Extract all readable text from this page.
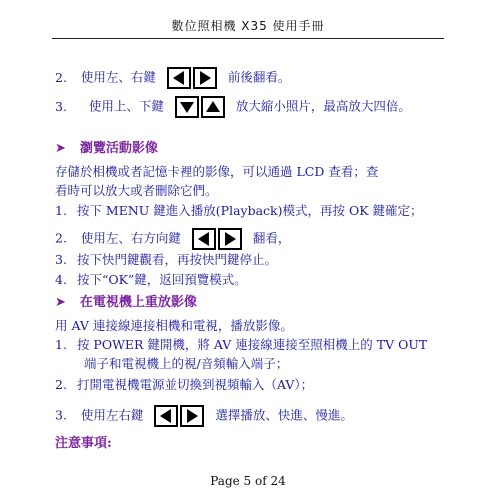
數位照相機 X35 使用手冊
2. 使用左、右鍵	前後翻看。
3. 使用上、下鍵	放大縮小照片，最高放大四倍。
➤ 瀏覽活動影像
存儲於相機或者記憶卡裡的影像，可以通過 LCD 查看；查
看時可以放大或者刪除它們。
1. 按下 MENU 鍵進入播放(Playback)模式，再按 OK 鍵確定；
2. 使用左、右方向鍵	翻看，
3. 按下快門鍵觀看，再按快門鍵停止。
4. 按下“OK”鍵，返回預覽模式。
➤ 在電視機上重放影像
用 AV 連接線連接相機和電視，播放影像。
1. 按 POWER 鍵開機，將 AV 連接線連接至照相機上的 TV OUT
端子和電視機上的視/音頻輸入端子；
2. 打開電視機電源並切換到視頻輸入（AV）；
3. 使用左右鍵	選擇播放、快進、慢進。
注意事項:
Page 5 of 24
